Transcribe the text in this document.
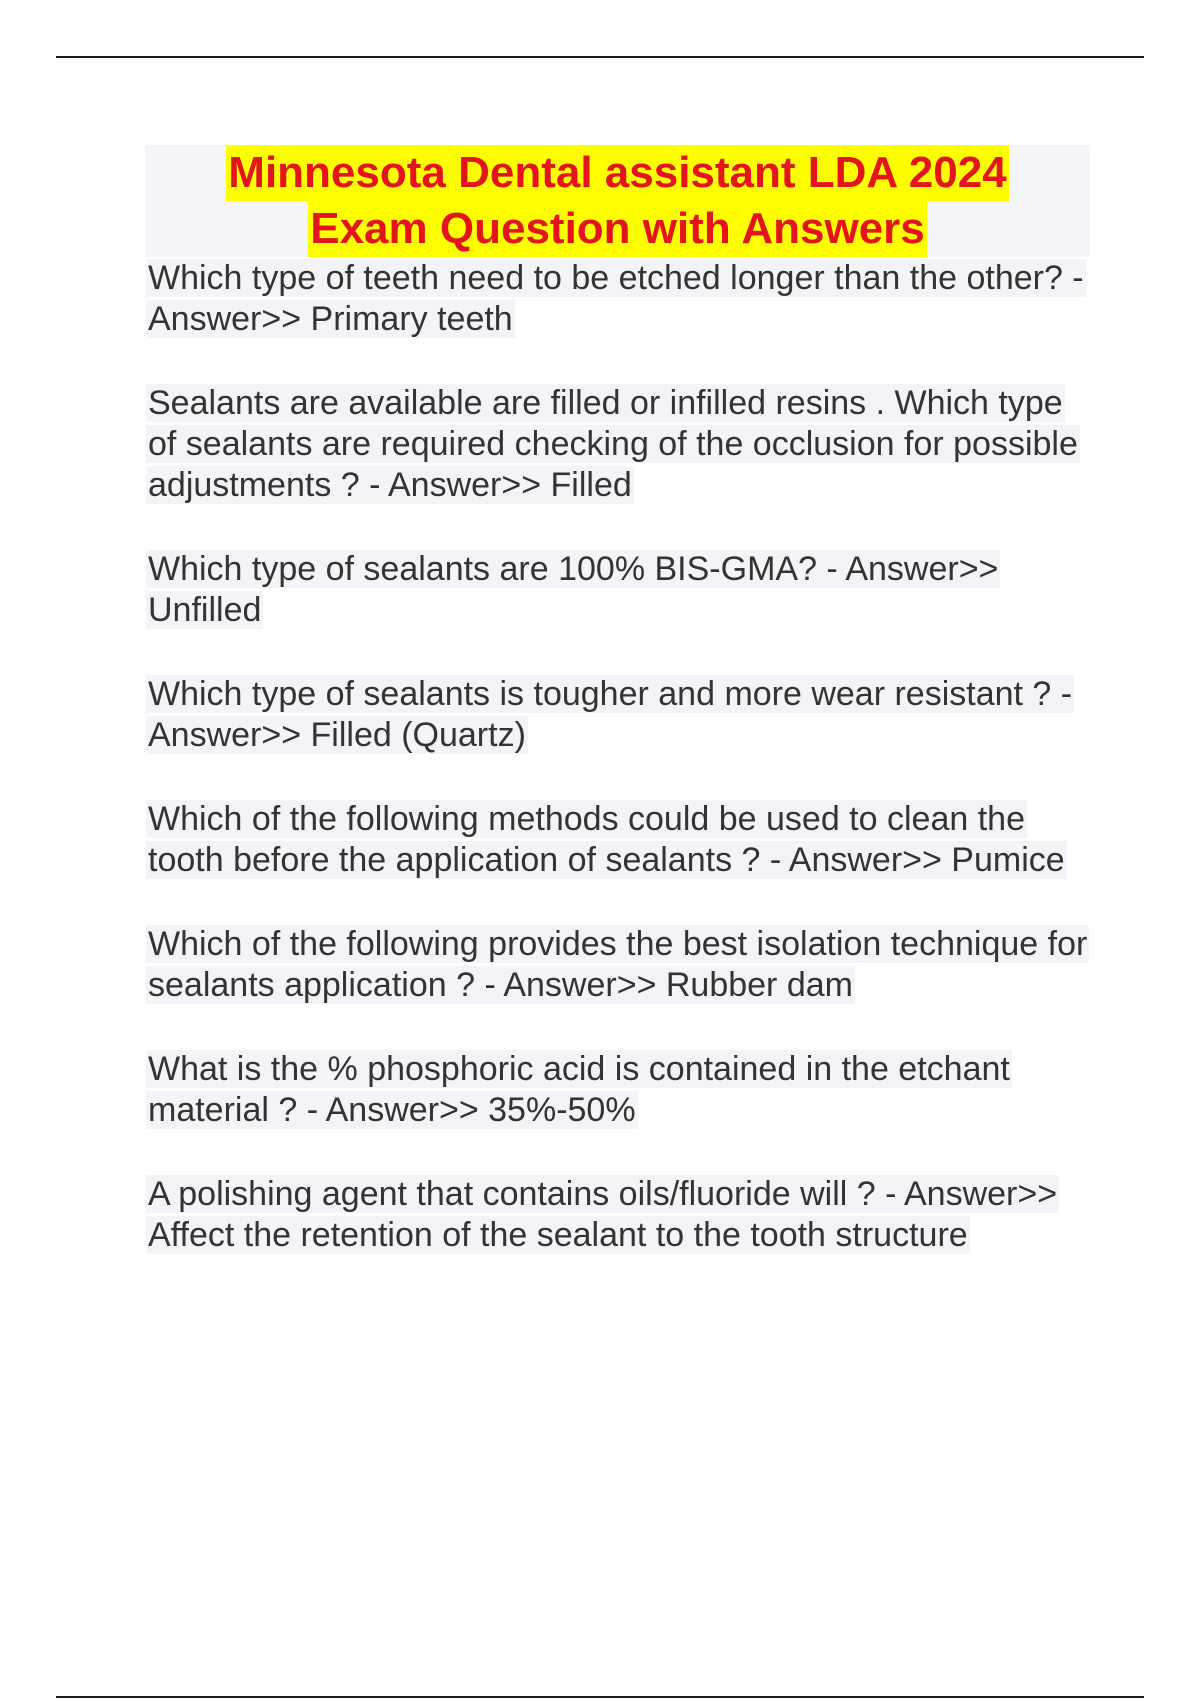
Minnesota Dental assistant LDA 2024
Exam Question with Answers

Which type of teeth need to be etched longer than the other? - Answer>> Primary teeth

Sealants are available are filled or infilled resins . Which type of sealants are required checking of the occlusion for possible adjustments ? - Answer>> Filled

Which type of sealants are 100% BIS-GMA? - Answer>> Unfilled

Which type of sealants is tougher and more wear resistant ? - Answer>> Filled (Quartz)

Which of the following methods could be used to clean the tooth before the application of sealants ? - Answer>> Pumice

Which of the following provides the best isolation technique for sealants application ? - Answer>> Rubber dam

What is the % phosphoric acid is contained in the etchant material ? - Answer>> 35%-50%

A polishing agent that contains oils/fluoride will ? - Answer>> Affect the retention of the sealant to the tooth structure
